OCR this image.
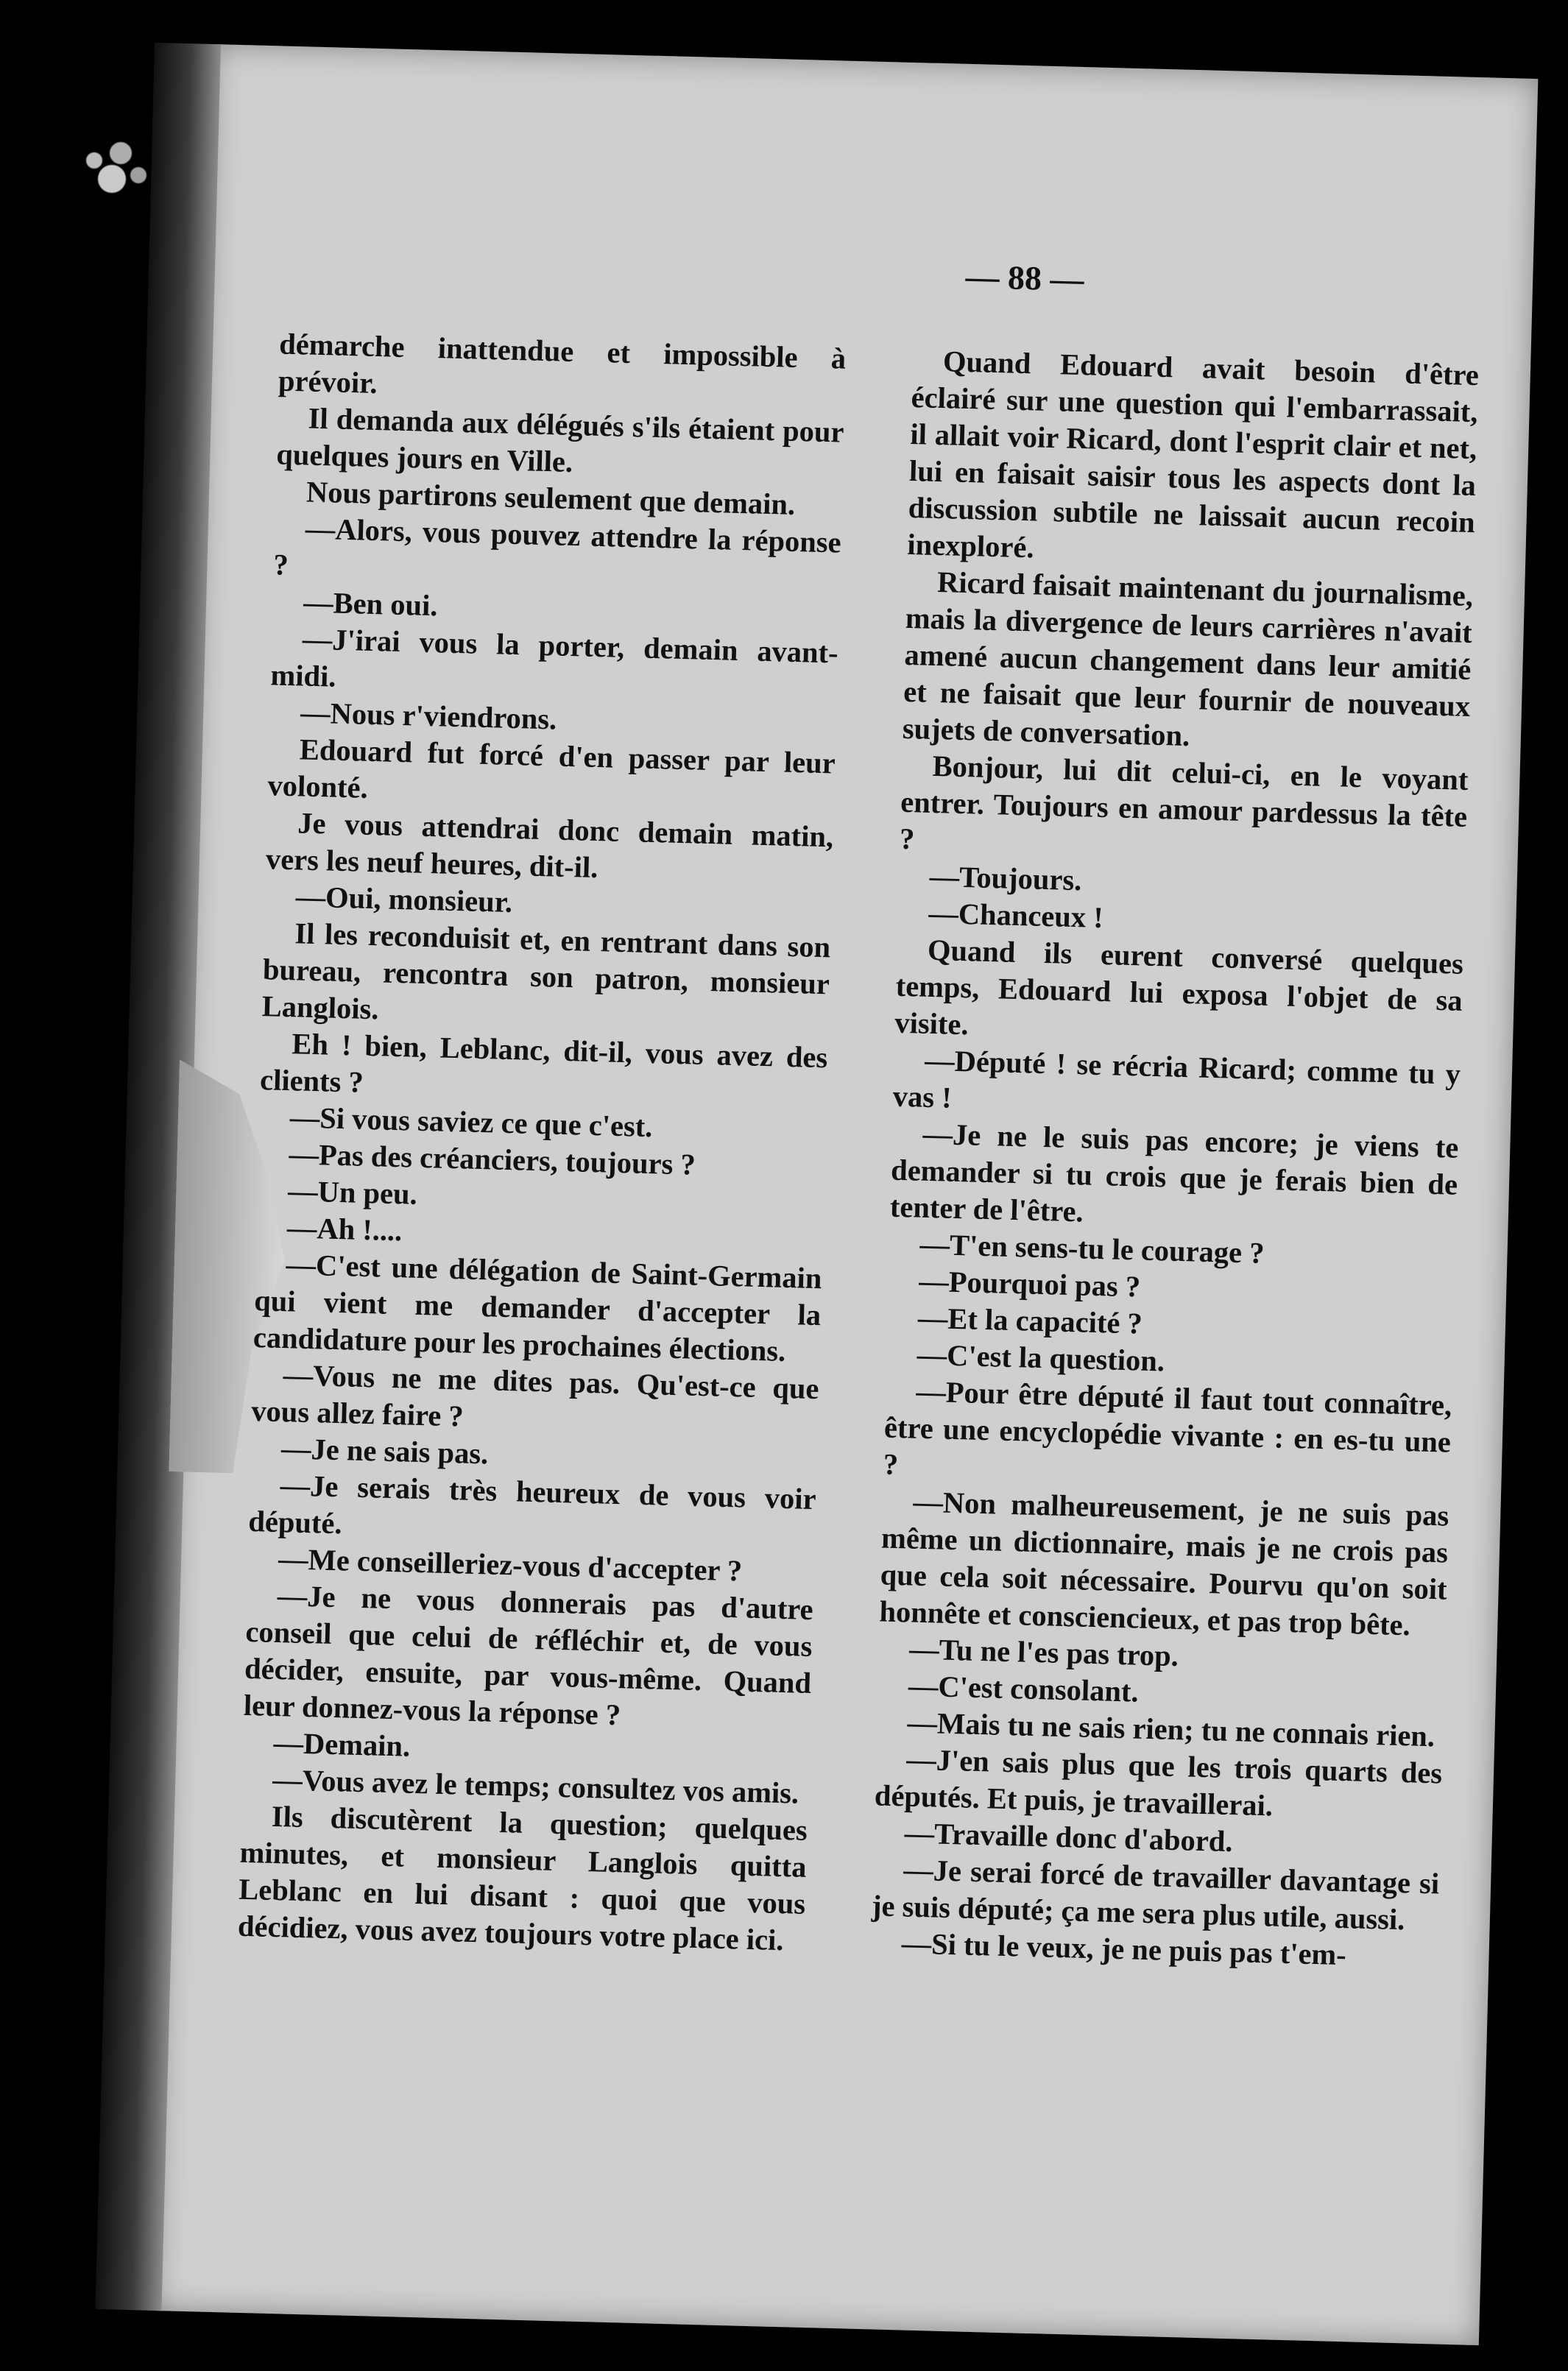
— 88 —

démarche inattendue et impossible à prévoir.

Il demanda aux délégués s'ils étaient pour quelques jours en Ville.

Nous partirons seulement que demain.

—Alors, vous pouvez attendre la réponse ?

—Ben oui.

—J'irai vous la porter, demain avant-midi.

—Nous r'viendrons.

Edouard fut forcé d'en passer par leur volonté.

Je vous attendrai donc demain matin, vers les neuf heures, dit-il.

—Oui, monsieur.

Il les reconduisit et, en rentrant dans son bureau, rencontra son patron, monsieur Langlois.

Eh ! bien, Leblanc, dit-il, vous avez des clients ?

—Si vous saviez ce que c'est.

—Pas des créanciers, toujours ?

—Un peu.

—Ah !....

—C'est une délégation de Saint-Germain qui vient me demander d'accepter la candidature pour les prochaines élections.

—Vous ne me dites pas. Qu'est-ce que vous allez faire ?

—Je ne sais pas.

—Je serais très heureux de vous voir député.

—Me conseilleriez-vous d'accepter ?

—Je ne vous donnerais pas d'autre conseil que celui de réfléchir et, de vous décider, ensuite, par vous-même. Quand leur donnez-vous la réponse ?

—Demain.

—Vous avez le temps; consultez vos amis.

Ils discutèrent la question; quelques minutes, et monsieur Langlois quitta Leblanc en lui disant : quoi que vous décidiez, vous avez toujours votre place ici.

Quand Edouard avait besoin d'être éclairé sur une question qui l'embarrassait, il allait voir Ricard, dont l'esprit clair et net, lui en faisait saisir tous les aspects dont la discussion subtile ne laissait aucun recoin inexploré.

Ricard faisait maintenant du journalisme, mais la divergence de leurs carrières n'avait amené aucun changement dans leur amitié et ne faisait que leur fournir de nouveaux sujets de conversation.

Bonjour, lui dit celui-ci, en le voyant entrer. Toujours en amour pardessus la tête ?

—Toujours.

—Chanceux !

Quand ils eurent conversé quelques temps, Edouard lui exposa l'objet de sa visite.

—Député ! se récria Ricard; comme tu y vas !

—Je ne le suis pas encore; je viens te demander si tu crois que je ferais bien de tenter de l'être.

—T'en sens-tu le courage ?

—Pourquoi pas ?

—Et la capacité ?

—C'est la question.

—Pour être député il faut tout connaître, être une encyclopédie vivante : en es-tu une ?

—Non malheureusement, je ne suis pas même un dictionnaire, mais je ne crois pas que cela soit nécessaire. Pourvu qu'on soit honnête et consciencieux, et pas trop bête.

—Tu ne l'es pas trop.

—C'est consolant.

—Mais tu ne sais rien; tu ne connais rien.

—J'en sais plus que les trois quarts des députés. Et puis, je travaillerai.

—Travaille donc d'abord.

—Je serai forcé de travailler davantage si je suis député; ça me sera plus utile, aussi.

—Si tu le veux, je ne puis pas t'em-
